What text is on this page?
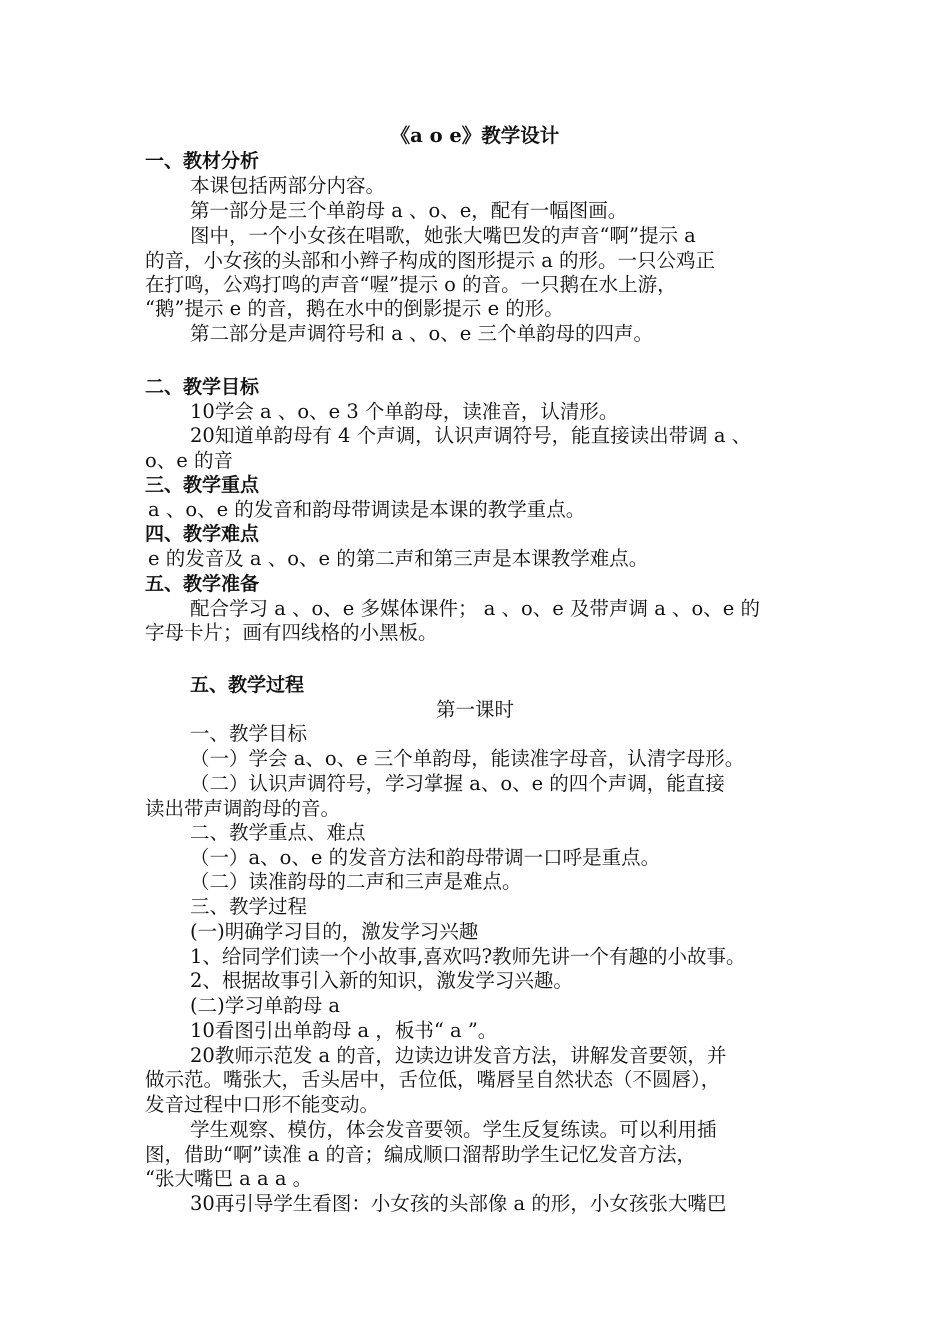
《a o e》教学设计
一、教材分析
本课包括两部分内容。
第一部分是三个单韵母 a 、o、e，配有一幅图画。
图中，一个小女孩在唱歌，她张大嘴巴发的声音“啊”提示 a
的音，小女孩的头部和小辫子构成的图形提示 a 的形。一只公鸡正
在打鸣，公鸡打鸣的声音“喔”提示 o 的音。一只鹅在水上游，
“鹅”提示 e 的音，鹅在水中的倒影提示 e 的形。
第二部分是声调符号和 a 、o、e 三个单韵母的四声。
二、教学目标
10学会 a 、o、e 3 个单韵母，读准音，认清形。
20知道单韵母有 4 个声调，认识声调符号，能直接读出带调 a 、
o、e 的音
三、教学重点
a 、o、e 的发音和韵母带调读是本课的教学重点。
四、教学难点
e 的发音及 a 、o、e 的第二声和第三声是本课教学难点。
五、教学准备
配合学习 a 、o、e 多媒体课件； a 、o、e 及带声调 a 、o、e 的
字母卡片；画有四线格的小黑板。
五、教学过程
第一课时
一、教学目标
（一）学会 a、o、e 三个单韵母，能读准字母音，认清字母形。
（二）认识声调符号，学习掌握 a、o、e 的四个声调，能直接
读出带声调韵母的音。
二、教学重点、难点
（一）a、o、e 的发音方法和韵母带调一口呼是重点。
（二）读准韵母的二声和三声是难点。
三、教学过程
(一)明确学习目的，激发学习兴趣
1、给同学们读一个小故事,喜欢吗?教师先讲一个有趣的小故事。
2、根据故事引入新的知识，激发学习兴趣。
(二)学习单韵母 a
10看图引出单韵母 a ，板书“ a ”。
20教师示范发 a 的音，边读边讲发音方法，讲解发音要领，并
做示范。嘴张大，舌头居中，舌位低，嘴唇呈自然状态（不圆唇），
发音过程中口形不能变动。
学生观察、模仿，体会发音要领。学生反复练读。可以利用插
图，借助“啊”读准 a 的音；编成顺口溜帮助学生记忆发音方法，
“张大嘴巴 a a a 。
30再引导学生看图：小女孩的头部像 a 的形，小女孩张大嘴巴
